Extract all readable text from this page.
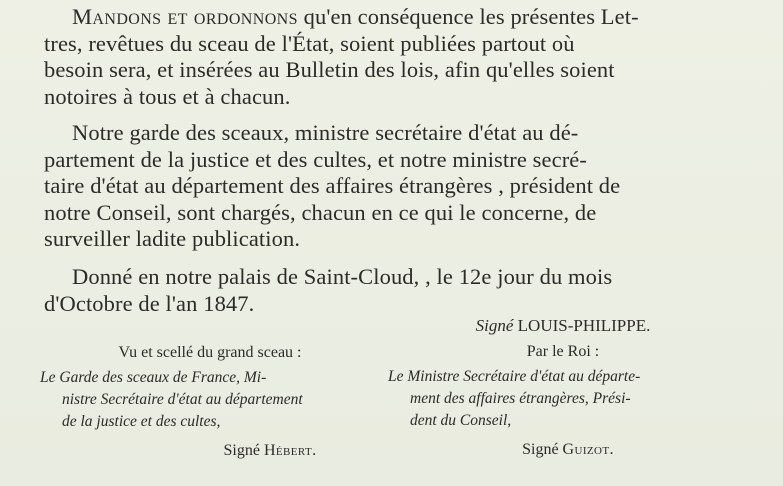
Mandons et ordonnons qu'en conséquence les présentes Let-
tres, revêtues du sceau de l'État, soient publiées partout où
besoin sera, et insérées au Bulletin des lois, afin qu'elles soient
notoires à tous et à chacun.
Notre garde des sceaux, ministre secrétaire d'état au dé-
partement de la justice et des cultes, et notre ministre secré-
taire d'état au département des affaires étrangères , président de
notre Conseil, sont chargés, chacun en ce qui le concerne, de
surveiller ladite publication.
Donné en notre palais de Saint-Cloud, , le 12e jour du mois
d'Octobre de l'an 1847.
Signé LOUIS-PHILIPPE.
Par le Roi :
Le Ministre Secrétaire d'état au départe-
ment des affaires étrangères, Prési-
dent du Conseil,
Signé Guizot.
Vu et scellé du grand sceau :
Le Garde des sceaux de France, Mi-
nistre Secrétaire d'état au département
de la justice et des cultes,
Signé Hébert.
